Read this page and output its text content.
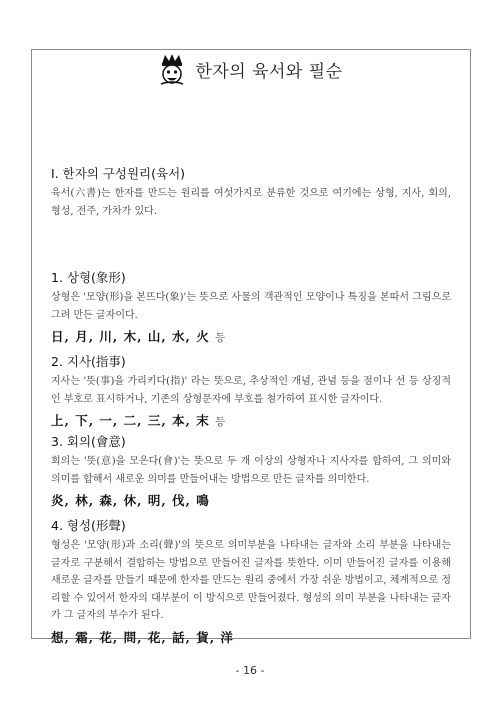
한자의 육서와 필순
Ⅰ. 한자의 구성원리(육서)
육서(六書)는 한자를 만드는 원리를 여섯가지로 분류한 것으로 여기에는 상형, 지사, 회의, 형성, 전주, 가차가 있다.
1. 상형(象形)
상형은 '모양(形)을 본뜨다(象)'는 뜻으로 사물의 객관적인 모양이나 특징을 본따서 그림으로 그려 만든 글자이다.
日, 月, 川, 木, 山, 水, 火 등
2. 지사(指事)
지사는 '뜻(事)을 가리키다(指)' 라는 뜻으로, 추상적인 개념, 관념 등을 점이나 선 등 상징적인 부호로 표시하거나, 기존의 상형문자에 부호를 첨가하여 표시한 글자이다.
上, 下, 一, 二, 三, 本, 末 등
3. 회의(會意)
회의는 '뜻(意)을 모은다(會)'는 뜻으로 두 개 이상의 상형자나 지사자를 합하여, 그 의미와 의미를 합해서 새로운 의미를 만들어내는 방법으로 만든 글자를 의미한다.
炎, 林, 森, 休, 明, 伐, 鳴
4. 형성(形聲)
형성은 '모양(形)과 소리(聲)'의 뜻으로 의미부분을 나타내는 글자와 소리 부분을 나타내는 글자로 구분해서 결합하는 방법으로 만들어진 글자를 뜻한다. 이미 만들어진 글자를 이용해 새로운 글자를 만들기 때문에 한자를 만드는 원리 중에서 가장 쉬운 방법이고, 체계적으로 정리할 수 있어서 한자의 대부분이 이 방식으로 만들어졌다. 형성의 의미 부분을 나타내는 글자가 그 글자의 부수가 된다.
想, 霜, 花, 問, 花, 話, 貨, 洋
- 16 -
